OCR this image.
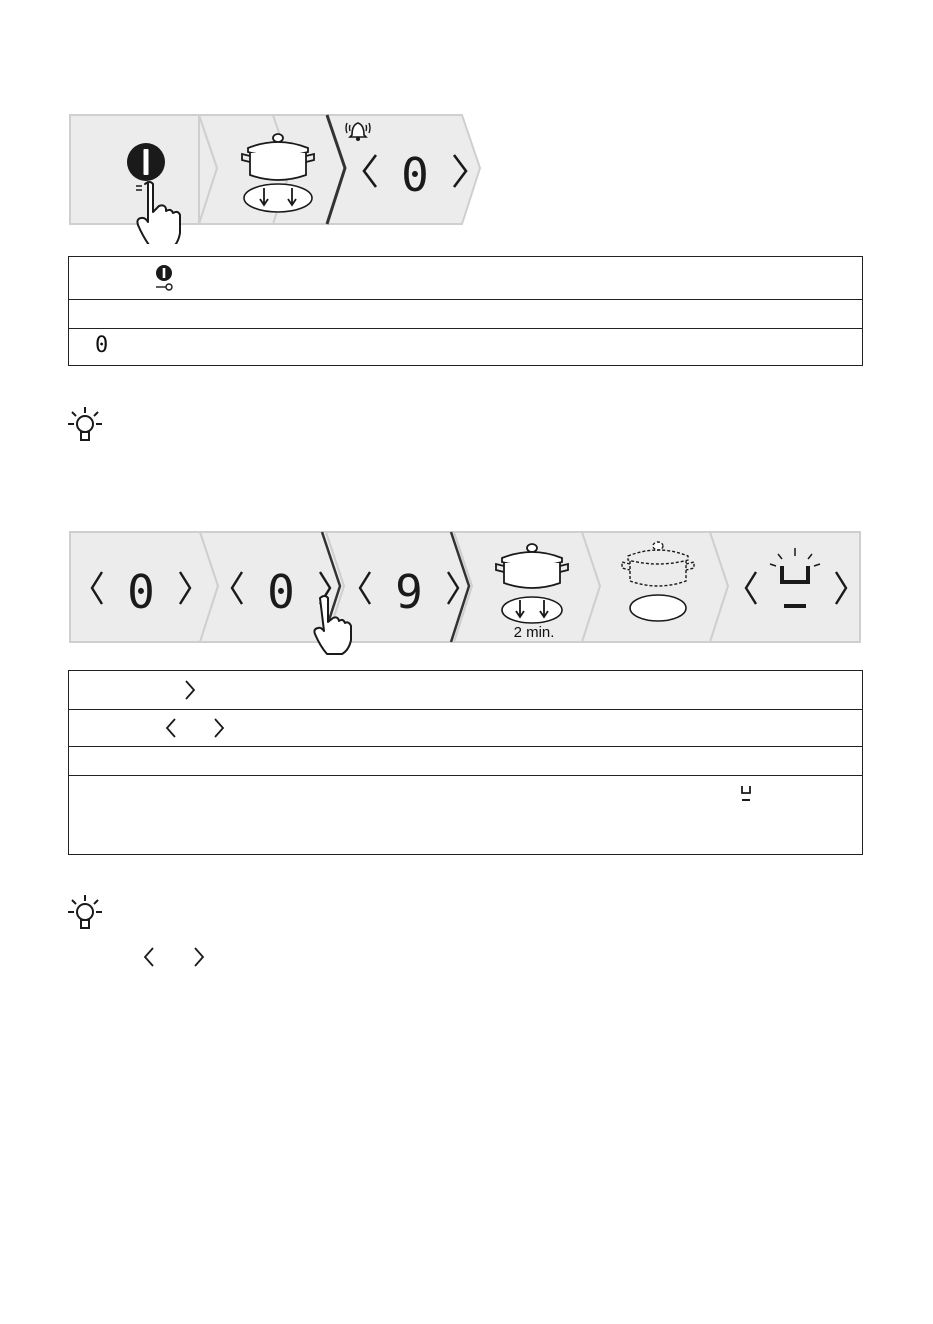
0

0
0 0 9
2 min.
